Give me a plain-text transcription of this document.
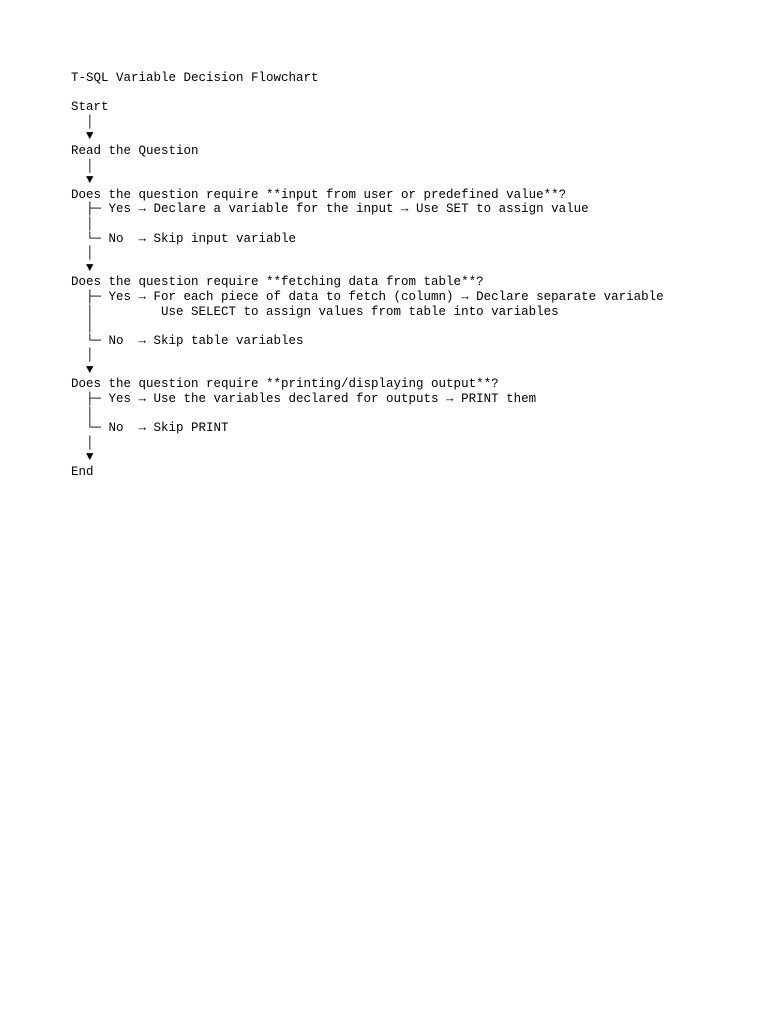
T-SQL Variable Decision Flowchart

Start
│
▼
Read the Question
│
▼
Does the question require **input from user or predefined value**?
├─ Yes → Declare a variable for the input → Use SET to assign value
│
└─ No  → Skip input variable
│
▼
Does the question require **fetching data from table**?
├─ Yes → For each piece of data to fetch (column) → Declare separate variable
│         Use SELECT to assign values from table into variables
│
└─ No  → Skip table variables
│
▼
Does the question require **printing/displaying output**?
├─ Yes → Use the variables declared for outputs → PRINT them
│
└─ No  → Skip PRINT
│
▼
End
